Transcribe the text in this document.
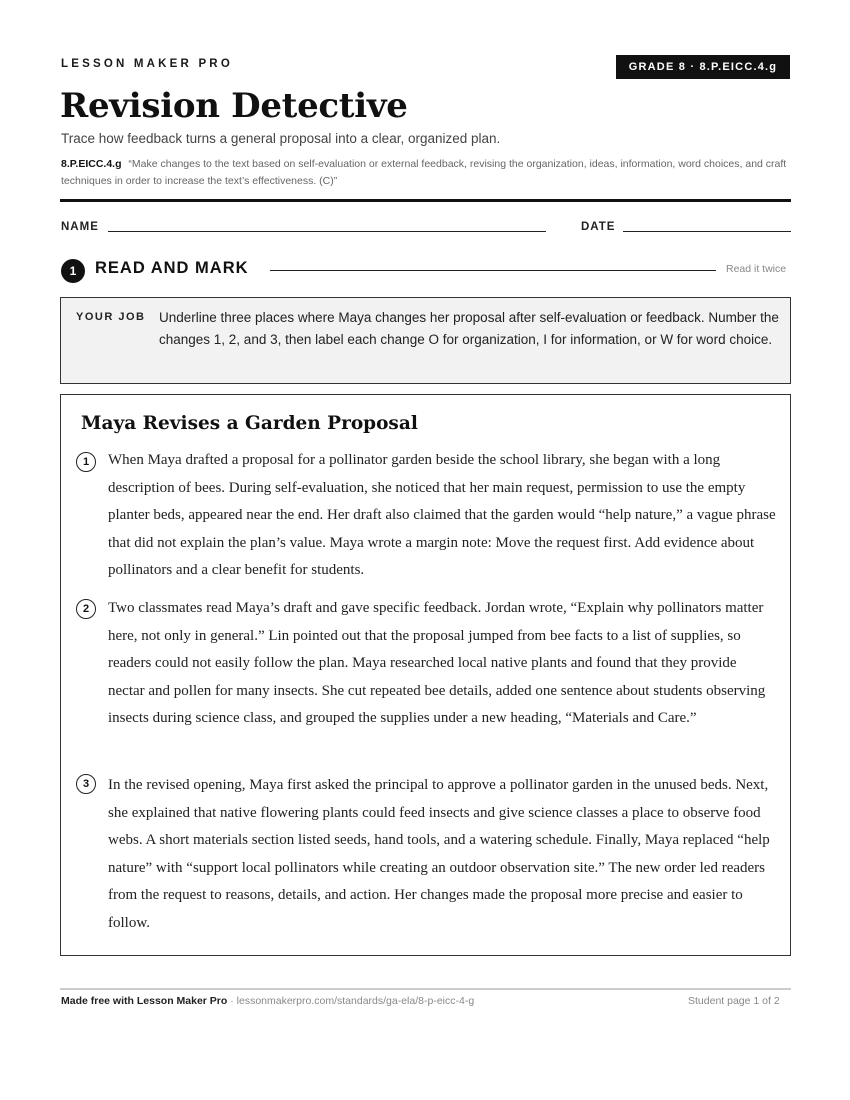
LESSON MAKER PRO	GRADE 8 · 8.P.EICC.4.g
Revision Detective
Trace how feedback turns a general proposal into a clear, organized plan.
8.P.EICC.4.g “Make changes to the text based on self-evaluation or external feedback, revising the organization, ideas, information, word choices, and craft techniques in order to increase the text’s effectiveness. (C)”
NAME	DATE
1	READ AND MARK	Read it twice
YOUR JOB Underline three places where Maya changes her proposal after self-evaluation or feedback. Number the changes 1, 2, and 3, then label each change O for organization, I for information, or W for word choice.
Maya Revises a Garden Proposal
1	When Maya drafted a proposal for a pollinator garden beside the school library, she began with a long description of bees. During self-evaluation, she noticed that her main request, permission to use the empty planter beds, appeared near the end. Her draft also claimed that the garden would “help nature,” a vague phrase that did not explain the plan’s value. Maya wrote a margin note: Move the request first. Add evidence about pollinators and a clear benefit for students.

2	Two classmates read Maya’s draft and gave specific feedback. Jordan wrote, “Explain why pollinators matter here, not only in general.” Lin pointed out that the proposal jumped from bee facts to a list of supplies, so readers could not easily follow the plan. Maya researched local native plants and found that they provide nectar and pollen for many insects. She cut repeated bee details, added one sentence about students observing insects during science class, and grouped the supplies under a new heading, “Materials and Care.”

3	In the revised opening, Maya first asked the principal to approve a pollinator garden in the unused beds. Next, she explained that native flowering plants could feed insects and give science classes a place to observe food webs. A short materials section listed seeds, hand tools, and a watering schedule. Finally, Maya replaced “help nature” with “support local pollinators while creating an outdoor observation site.” The new order led readers from the request to reasons, details, and action. Her changes made the proposal more precise and easier to follow.

Made free with Lesson Maker Pro · lessonmakerpro.com/standards/ga-ela/8-p-eicc-4-g	Student page 1 of 2
